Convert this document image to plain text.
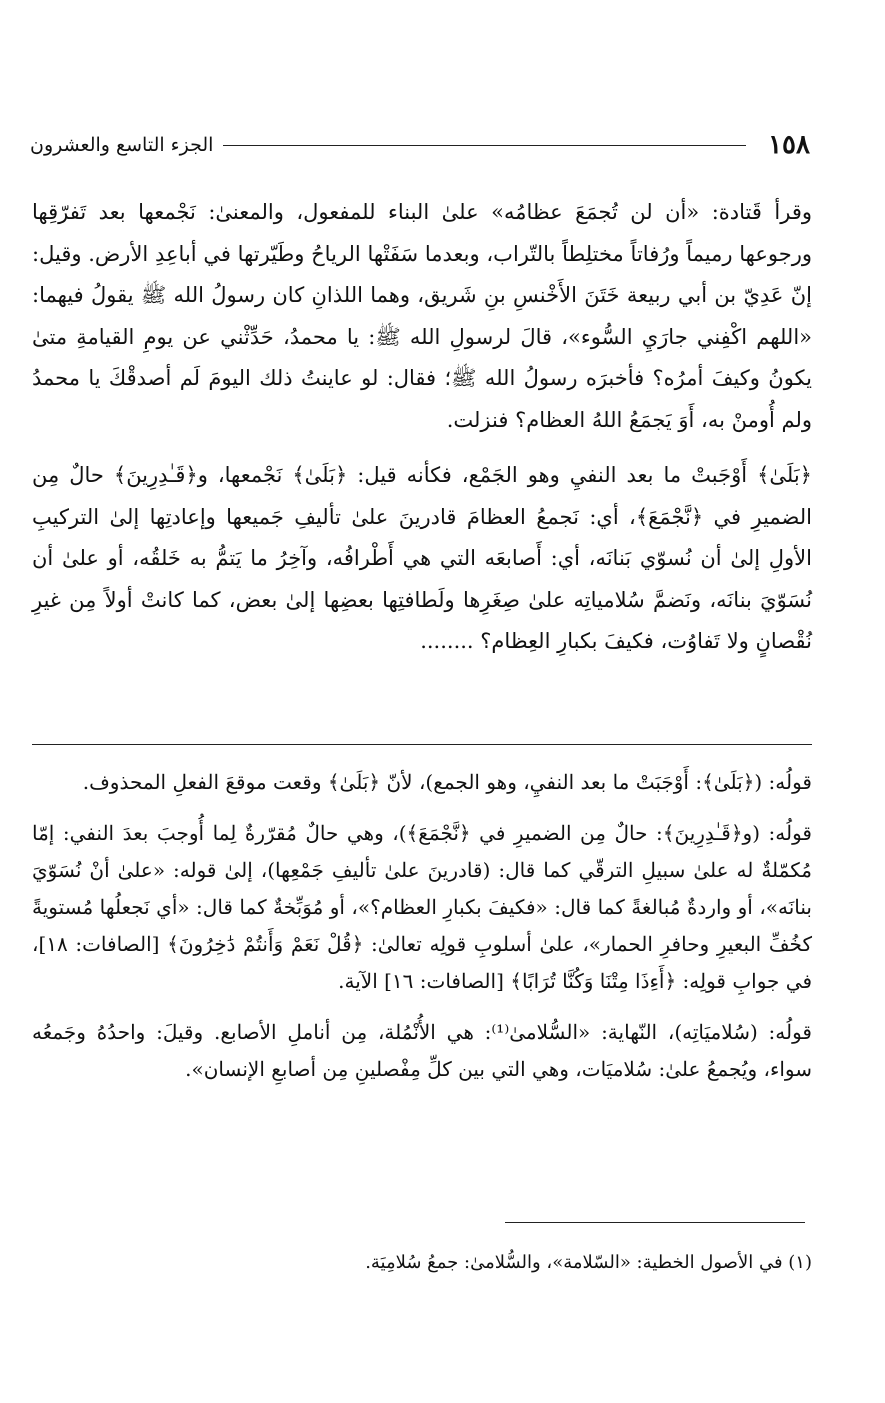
١٥٨
الجزء التاسع والعشرون

وقرأ قَتادة: «أن لن تُجمَعَ عظامُه» علىٰ البناء للمفعول، والمعنىٰ: نَجْمعها بعد تَفرّقِها ورجوعها رميماً ورُفاتاً مختلِطاً بالتّراب، وبعدما سَفَتْها الرياحُ وطَيّرتها في أباعِدِ الأرض. وقيل: إنّ عَدِيّ بن أبي ربيعة خَتَنَ الأَخْنسِ بنِ شَريق، وهما اللذانِ كان رسولُ الله ﷺ يقولُ فيهما: «اللهم اكْفِني جارَيِ السُّوء»، قالَ لرسولِ الله ﷺ: يا محمدُ، حَدِّثْني عن يومِ القيامةِ متىٰ يكونُ وكيفَ أمرُه؟ فأخبرَه رسولُ الله ﷺ؛ فقال: لو عاينتُ ذلك اليومَ لَم أصدقْكَ يا محمدُ ولم أُومنْ به، أَوَ يَجمَعُ اللهُ العظام؟ فنزلت.

﴿بَلَىٰ﴾ أَوْجَبتْ ما بعد النفيِ وهو الجَمْع، فكأنه قيل: ﴿بَلَىٰ﴾ نَجْمعها، و﴿قَـٰدِرِينَ﴾ حالٌ مِن الضميرِ في ﴿نَّجْمَعَ﴾، أي: نَجمعُ العظامَ قادرينَ علىٰ تأليفِ جَميعها وإعادتِها إلىٰ التركيبِ الأولِ إلىٰ أن نُسوّي بَنانَه، أي: أَصابعَه التي هي أَطْرافُه، وآخِرُ ما يَتمُّ به خَلقُه، أو علىٰ أن نُسَوّيَ بنانَه، ونَضمَّ سُلامياتِه علىٰ صِغَرِها ولَطافتِها بعضِها إلىٰ بعض، كما كانتْ أولاً مِن غيرِ نُقْصانٍ ولا تَفاوُت، فكيفَ بكبارِ العِظام؟ ........

قولُه: (﴿بَلَىٰ﴾: أَوْجَبَتْ ما بعد النفيِ، وهو الجمع)، لأنّ ﴿بَلَىٰ﴾ وقعت موقعَ الفعلِ المحذوف.

قولُه: (و﴿قَـٰدِرِينَ﴾: حالٌ مِن الضميرِ في ﴿نَّجْمَعَ﴾)، وهي حالٌ مُقرّرةٌ لِما أُوجبَ بعدَ النفي: إمّا مُكمّلةٌ له علىٰ سبيلِ الترقّي كما قال: (قادرينَ علىٰ تأليفِ جَمْعِها)، إلىٰ قوله: «علىٰ أنْ نُسَوّيَ بنانَه»، أو واردةٌ مُبالغةً كما قال: «فكيفَ بكبارِ العظام؟»، أو مُوَبِّخةٌ كما قال: «أي نَجعلُها مُستويةً كخُفِّ البعيرِ وحافرِ الحمار»، علىٰ أسلوبِ قولِه تعالىٰ: ﴿قُلْ نَعَمْ وَأَنتُمْ دَٰخِرُونَ﴾ [الصافات: ١٨]، في جوابِ قولِه: ﴿أَءِذَا مِتْنَا وَكُنَّا تُرَابًا﴾ [الصافات: ١٦] الآية.

قولُه: (سُلاميَاتِه)، النّهاية: «السُّلامىٰ⁽¹⁾: هي الأُنْمُلة، مِن أناملِ الأصابع. وقيلَ: واحدُهُ وجَمعُه سواء، ويُجمعُ علىٰ: سُلاميَات، وهي التي بين كلِّ مِفْصلينِ مِن أصابعِ الإنسان».

(١) في الأصول الخطية: «السّلامة»، والسُّلامىٰ: جمعُ سُلامِيَة.
